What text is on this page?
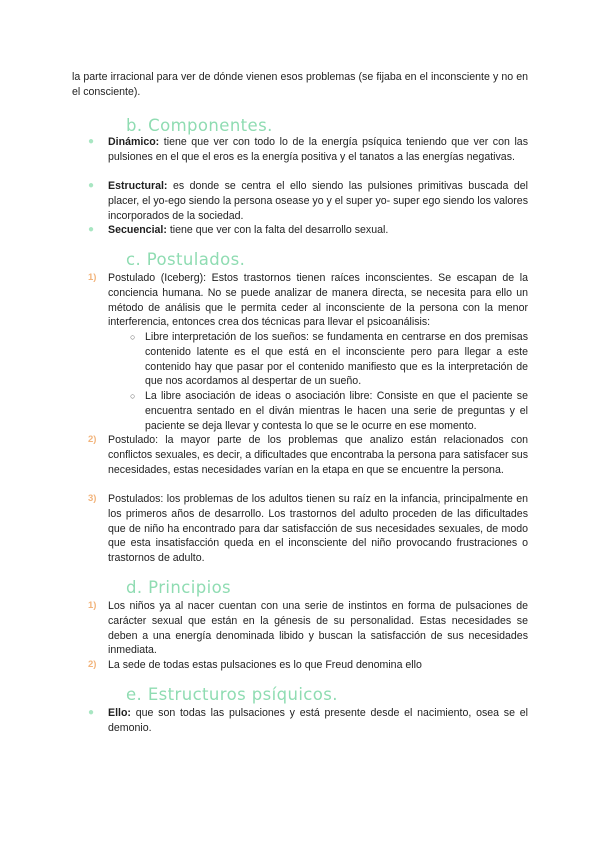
la parte irracional para ver de dónde vienen esos problemas (se fijaba en el inconsciente y no en el consciente).
b. Componentes.
● Dinámico: tiene que ver con todo lo de la energía psíquica teniendo que ver con las pulsiones en el que el eros es la energía positiva y el tanatos a las energías negativas.
● Estructural: es donde se centra el ello siendo las pulsiones primitivas buscada del placer, el yo-ego siendo la persona osease yo y el super yo- super ego siendo los valores incorporados de la sociedad.
● Secuencial: tiene que ver con la falta del desarrollo sexual.
c. Postulados.
1) Postulado (Iceberg): Estos trastornos tienen raíces inconscientes. Se escapan de la conciencia humana. No se puede analizar de manera directa, se necesita para ello un método de análisis que le permita ceder al inconsciente de la persona con la menor interferencia, entonces crea dos técnicas para llevar el psicoanálisis:
○ Libre interpretación de los sueños: se fundamenta en centrarse en dos premisas contenido latente es el que está en el inconsciente pero para llegar a este contenido hay que pasar por el contenido manifiesto que es la interpretación de que nos acordamos al despertar de un sueño.
○ La libre asociación de ideas o asociación libre: Consiste en que el paciente se encuentra sentado en el diván mientras le hacen una serie de preguntas y el paciente se deja llevar y contesta lo que se le ocurre en ese momento.
2) Postulado: la mayor parte de los problemas que analizo están relacionados con conflictos sexuales, es decir, a dificultades que encontraba la persona para satisfacer sus necesidades, estas necesidades varían en la etapa en que se encuentre la persona.
3) Postulados: los problemas de los adultos tienen su raíz en la infancia, principalmente en los primeros años de desarrollo. Los trastornos del adulto proceden de las dificultades que de niño ha encontrado para dar satisfacción de sus necesidades sexuales, de modo que esta insatisfacción queda en el inconsciente del niño provocando frustraciones o trastornos de adulto.
d. Principios
1) Los niños ya al nacer cuentan con una serie de instintos en forma de pulsaciones de carácter sexual que están en la génesis de su personalidad. Estas necesidades se deben a una energía denominada libido y buscan la satisfacción de sus necesidades inmediata.
2) La sede de todas estas pulsaciones es lo que Freud denomina ello
e. Estructuros psíquicos.
● Ello: que son todas las pulsaciones y está presente desde el nacimiento, osea se el demonio.
